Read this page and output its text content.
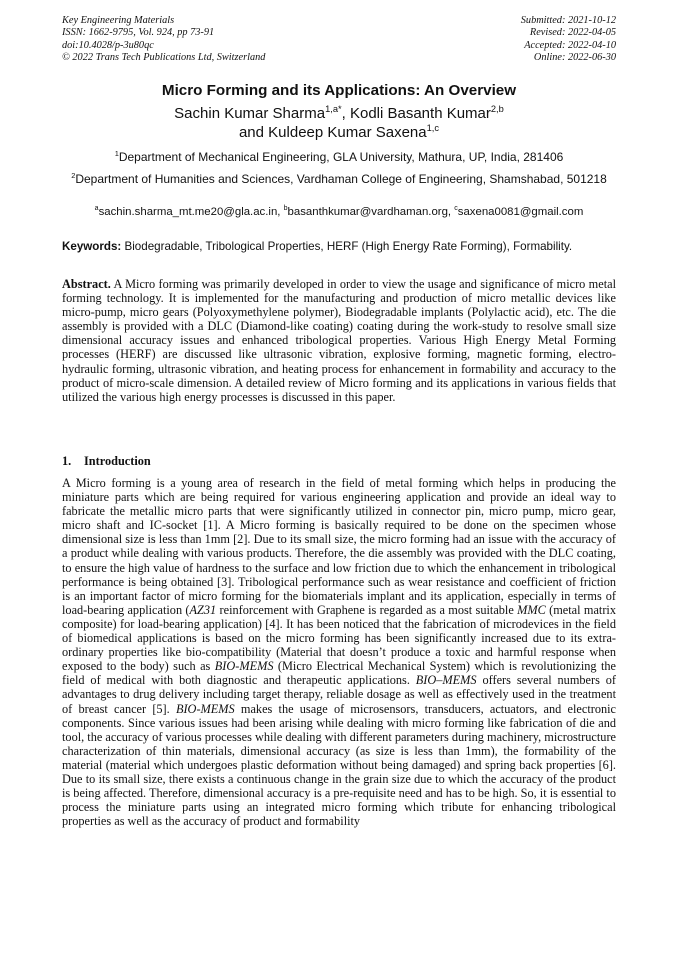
Key Engineering Materials
ISSN: 1662-9795, Vol. 924, pp 73-91
doi:10.4028/p-3u80qc
© 2022 Trans Tech Publications Ltd, Switzerland
Submitted: 2021-10-12
Revised: 2022-04-05
Accepted: 2022-04-10
Online: 2022-06-30
Micro Forming and its Applications: An Overview
Sachin Kumar Sharma$^{1,a*}$, Kodli Basanth Kumar$^{2,b}$
and Kuldeep Kumar Saxena$^{1,c}$
$^1$Department of Mechanical Engineering, GLA University, Mathura, UP, India, 281406
$^2$Department of Humanities and Sciences, Vardhaman College of Engineering, Shamshabad, 501218
$^a$sachin.sharma_mt.me20@gla.ac.in, $^b$basanthkumar@vardhaman.org, $^c$saxena0081@gmail.com
Keywords: Biodegradable, Tribological Properties, HERF (High Energy Rate Forming), Formability.
Abstract. A Micro forming was primarily developed in order to view the usage and significance of micro metal forming technology. It is implemented for the manufacturing and production of micro metallic devices like micro-pump, micro gears (Polyoxymethylene polymer), Biodegradable implants (Polylactic acid), etc. The die assembly is provided with a DLC (Diamond-like coating) coating during the work-study to resolve small size dimensional accuracy issues and enhanced tribological properties. Various High Energy Metal Forming processes (HERF) are discussed like ultrasonic vibration, explosive forming, magnetic forming, electro-hydraulic forming, ultrasonic vibration, and heating process for enhancement in formability and accuracy to the product of micro-scale dimension. A detailed review of Micro forming and its applications in various fields that utilized the various high energy processes is discussed in this paper.
1. Introduction
A Micro forming is a young area of research in the field of metal forming which helps in producing the miniature parts which are being required for various engineering application and provide an ideal way to fabricate the metallic micro parts that were significantly utilized in connector pin, micro pump, micro gear, micro shaft and IC-socket [1]. A Micro forming is basically required to be done on the specimen whose dimensional size is less than 1mm [2]. Due to its small size, the micro forming had an issue with the accuracy of a product while dealing with various products. Therefore, the die assembly was provided with the DLC coating, to ensure the high value of hardness to the surface and low friction due to which the enhancement in tribological performance is being obtained [3]. Tribological performance such as wear resistance and coefficient of friction is an important factor of micro forming for the biomaterials implant and its application, especially in terms of load-bearing application (AZ31 reinforcement with Graphene is regarded as a most suitable MMC (metal matrix composite) for load-bearing application) [4]. It has been noticed that the fabrication of microdevices in the field of biomedical applications is based on the micro forming has been significantly increased due to its extra-ordinary properties like bio-compatibility (Material that doesn’t produce a toxic and harmful response when exposed to the body) such as BIO-MEMS (Micro Electrical Mechanical System) which is revolutionizing the field of medical with both diagnostic and therapeutic applications. BIO–MEMS offers several numbers of advantages to drug delivery including target therapy, reliable dosage as well as effectively used in the treatment of breast cancer [5]. BIO-MEMS makes the usage of microsensors, transducers, actuators, and electronic components. Since various issues had been arising while dealing with micro forming like fabrication of die and tool, the accuracy of various processes while dealing with different parameters during machinery, microstructure characterization of thin materials, dimensional accuracy (as size is less than 1mm), the formability of the material (material which undergoes plastic deformation without being damaged) and spring back properties [6]. Due to its small size, there exists a continuous change in the grain size due to which the accuracy of the product is being affected. Therefore, dimensional accuracy is a pre-requisite need and has to be high. So, it is essential to process the miniature parts using an integrated micro forming which tribute for enhancing tribological properties as well as the accuracy of product and formability
